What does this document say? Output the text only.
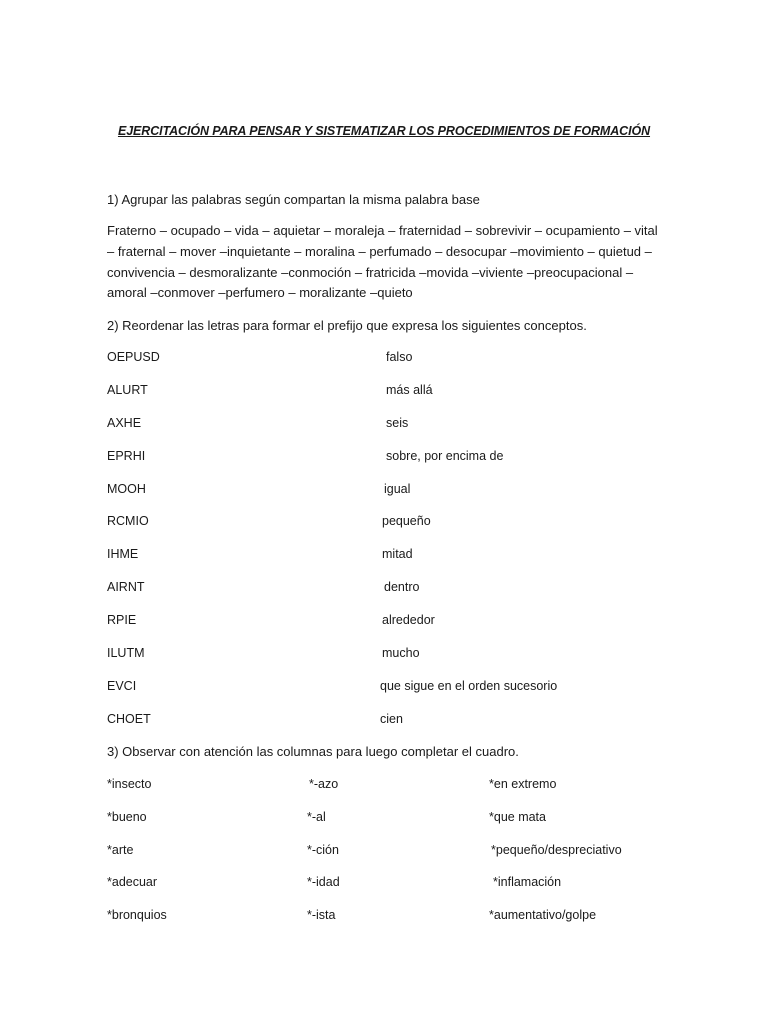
EJERCITACIÓN PARA PENSAR Y SISTEMATIZAR LOS PROCEDIMIENTOS DE FORMACIÓN
1) Agrupar las palabras según compartan la misma palabra base
Fraterno – ocupado – vida – aquietar – moraleja – fraternidad – sobrevivir – ocupamiento – vital – fraternal – mover –inquietante – moralina – perfumado – desocupar –movimiento – quietud – convivencia – desmoralizante –conmoción – fratricida –movida –viviente –preocupacional – amoral –conmover –perfumero – moralizante –quieto
2) Reordenar las letras para formar el prefijo que expresa los siguientes conceptos.
OEPUSD	falso
ALURT	más allá
AXHE	seis
EPRHI	sobre, por encima de
MOOH	igual
RCMIO	pequeño
IHME	mitad
AIRNT	dentro
RPIE	alrededor
ILUTM	mucho
EVCI	que sigue en el orden sucesorio
CHOET	cien
3) Observar con atención las columnas para luego completar el cuadro.
*insecto	*-azo	*en extremo
*bueno	*-al	*que mata
*arte	*-ción	*pequeño/despreciativo
*adecuar	*-idad	*inflamación
*bronquios	*-ista	*aumentativo/golpe
